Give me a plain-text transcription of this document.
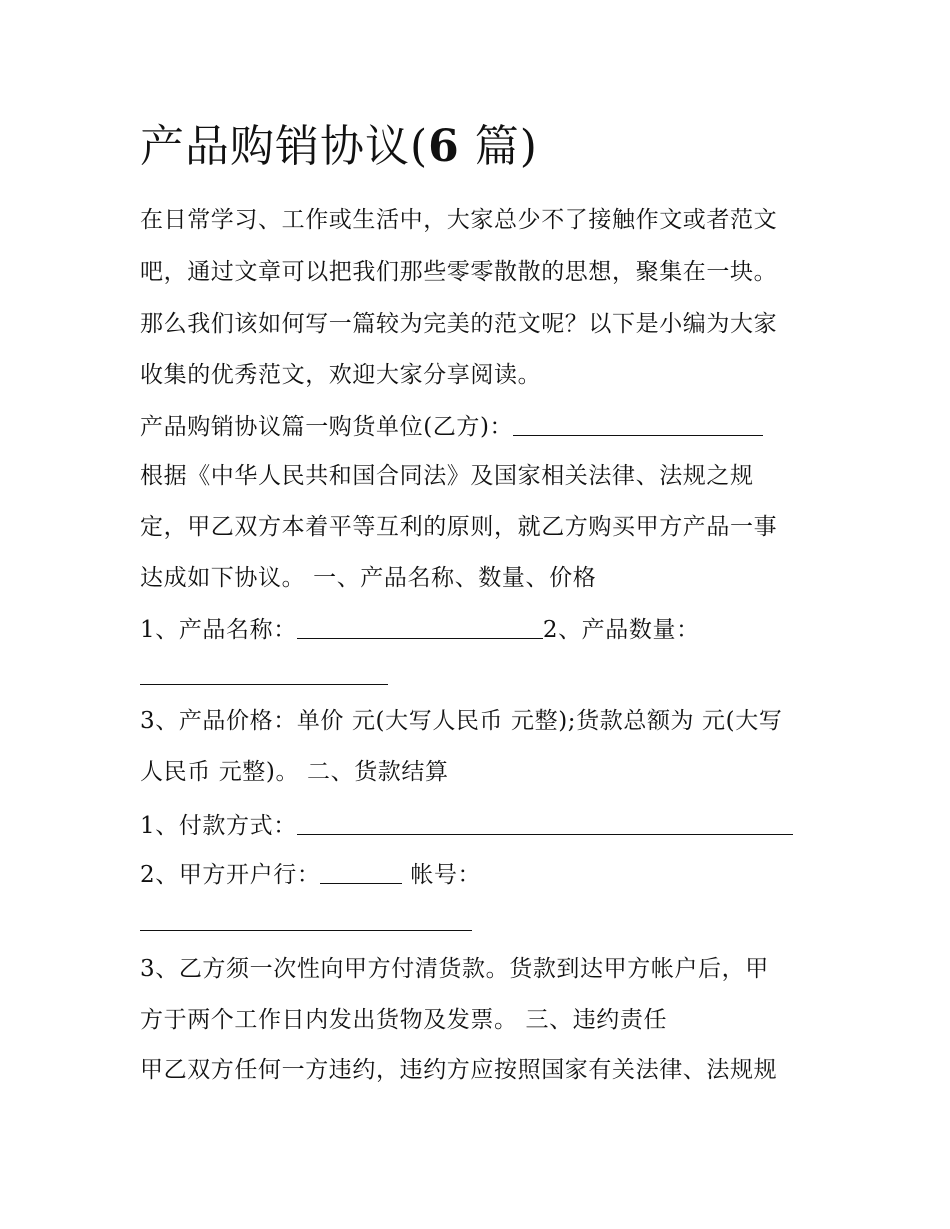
产品购销协议(6 篇)

在日常学习、工作或生活中，大家总少不了接触作文或者范文

吧，通过文章可以把我们那些零零散散的思想，聚集在一块。

那么我们该如何写一篇较为完美的范文呢？以下是小编为大家

收集的优秀范文，欢迎大家分享阅读。

产品购销协议篇一购货单位(乙方)：

根据《中华人民共和国合同法》及国家相关法律、法规之规

定，甲乙双方本着平等互利的原则，就乙方购买甲方产品一事

达成如下协议。 一、产品名称、数量、价格

1、产品名称：	2、产品数量：

3、产品价格：单价 元(大写人民币 元整);货款总额为 元(大写

人民币 元整)。 二、货款结算

1、付款方式：

2、甲方开户行：	帐号：

3、乙方须一次性向甲方付清货款。货款到达甲方帐户后，甲

方于两个工作日内发出货物及发票。 三、违约责任

甲乙双方任何一方违约，违约方应按照国家有关法律、法规规
